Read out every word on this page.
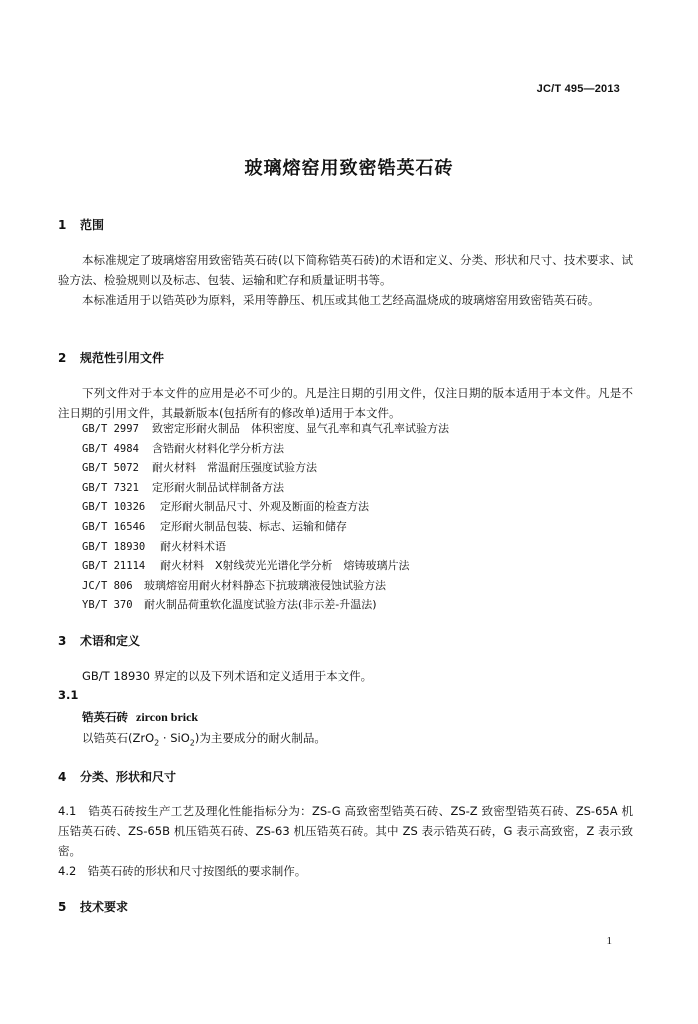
JC/T 495—2013
玻璃熔窑用致密锆英石砖
1 范围
本标准规定了玻璃熔窑用致密锆英石砖(以下简称锆英石砖)的术语和定义、分类、形状和尺寸、技术要求、试验方法、检验规则以及标志、包装、运输和贮存和质量证明书等。
本标准适用于以锆英砂为原料，采用等静压、机压或其他工艺经高温烧成的玻璃熔窑用致密锆英石砖。
2 规范性引用文件
下列文件对于本文件的应用是必不可少的。凡是注日期的引用文件，仅注日期的版本适用于本文件。凡是不注日期的引用文件，其最新版本(包括所有的修改单)适用于本文件。
GB/T 2997 致密定形耐火制品　体积密度、显气孔率和真气孔率试验方法
GB/T 4984 含锆耐火材料化学分析方法
GB/T 5072 耐火材料　常温耐压强度试验方法
GB/T 7321 定形耐火制品试样制备方法
GB/T 10326 定形耐火制品尺寸、外观及断面的检查方法
GB/T 16546 定形耐火制品包装、标志、运输和储存
GB/T 18930 耐火材料术语
GB/T 21114 耐火材料　X射线荧光光谱化学分析　熔铸玻璃片法
JC/T 806 玻璃熔窑用耐火材料静态下抗玻璃液侵蚀试验方法
YB/T 370 耐火制品荷重软化温度试验方法(非示差-升温法)
3 术语和定义
GB/T 18930 界定的以及下列术语和定义适用于本文件。
3.1
锆英石砖 zircon brick
以锆英石(ZrO$_2$ · SiO$_2$)为主要成分的耐火制品。
4 分类、形状和尺寸
4.1　锆英石砖按生产工艺及理化性能指标分为：ZS-G 高致密型锆英石砖、ZS-Z 致密型锆英石砖、ZS-65A 机压锆英石砖、ZS-65B 机压锆英石砖、ZS-63 机压锆英石砖。其中 ZS 表示锆英石砖，G 表示高致密，Z 表示致密。
4.2　锆英石砖的形状和尺寸按图纸的要求制作。
5 技术要求
1
